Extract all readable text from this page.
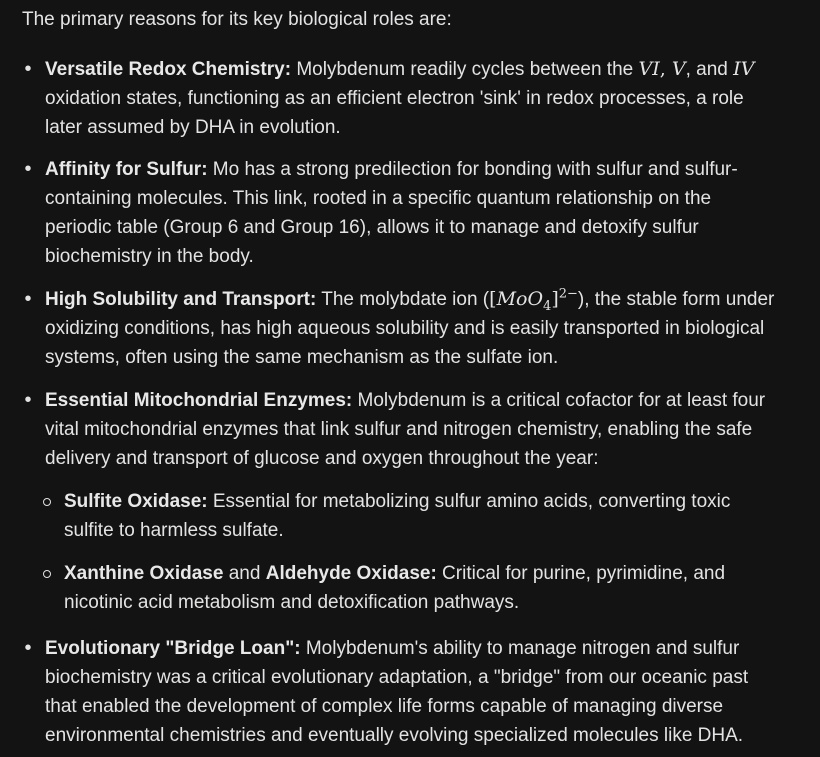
The primary reasons for its key biological roles are:

•
Versatile Redox Chemistry: Molybdenum readily cycles between the VI, V, and IV
oxidation states, functioning as an efficient electron 'sink' in redox processes, a role
later assumed by DHA in evolution.
•
Affinity for Sulfur: Mo has a strong predilection for bonding with sulfur and sulfur-
containing molecules. This link, rooted in a specific quantum relationship on the
periodic table (Group 6 and Group 16), allows it to manage and detoxify sulfur
biochemistry in the body.
•
High Solubility and Transport: The molybdate ion $([MoO_4]^{2-})$, the stable form under
oxidizing conditions, has high aqueous solubility and is easily transported in biological
systems, often using the same mechanism as the sulfate ion.
•
Essential Mitochondrial Enzymes: Molybdenum is a critical cofactor for at least four
vital mitochondrial enzymes that link sulfur and nitrogen chemistry, enabling the safe
delivery and transport of glucose and oxygen throughout the year:
Sulfite Oxidase: Essential for metabolizing sulfur amino acids, converting toxic
sulfite to harmless sulfate.
Xanthine Oxidase and Aldehyde Oxidase: Critical for purine, pyrimidine, and
nicotinic acid metabolism and detoxification pathways.
•
Evolutionary "Bridge Loan": Molybdenum's ability to manage nitrogen and sulfur
biochemistry was a critical evolutionary adaptation, a "bridge" from our oceanic past
that enabled the development of complex life forms capable of managing diverse
environmental chemistries and eventually evolving specialized molecules like DHA.
